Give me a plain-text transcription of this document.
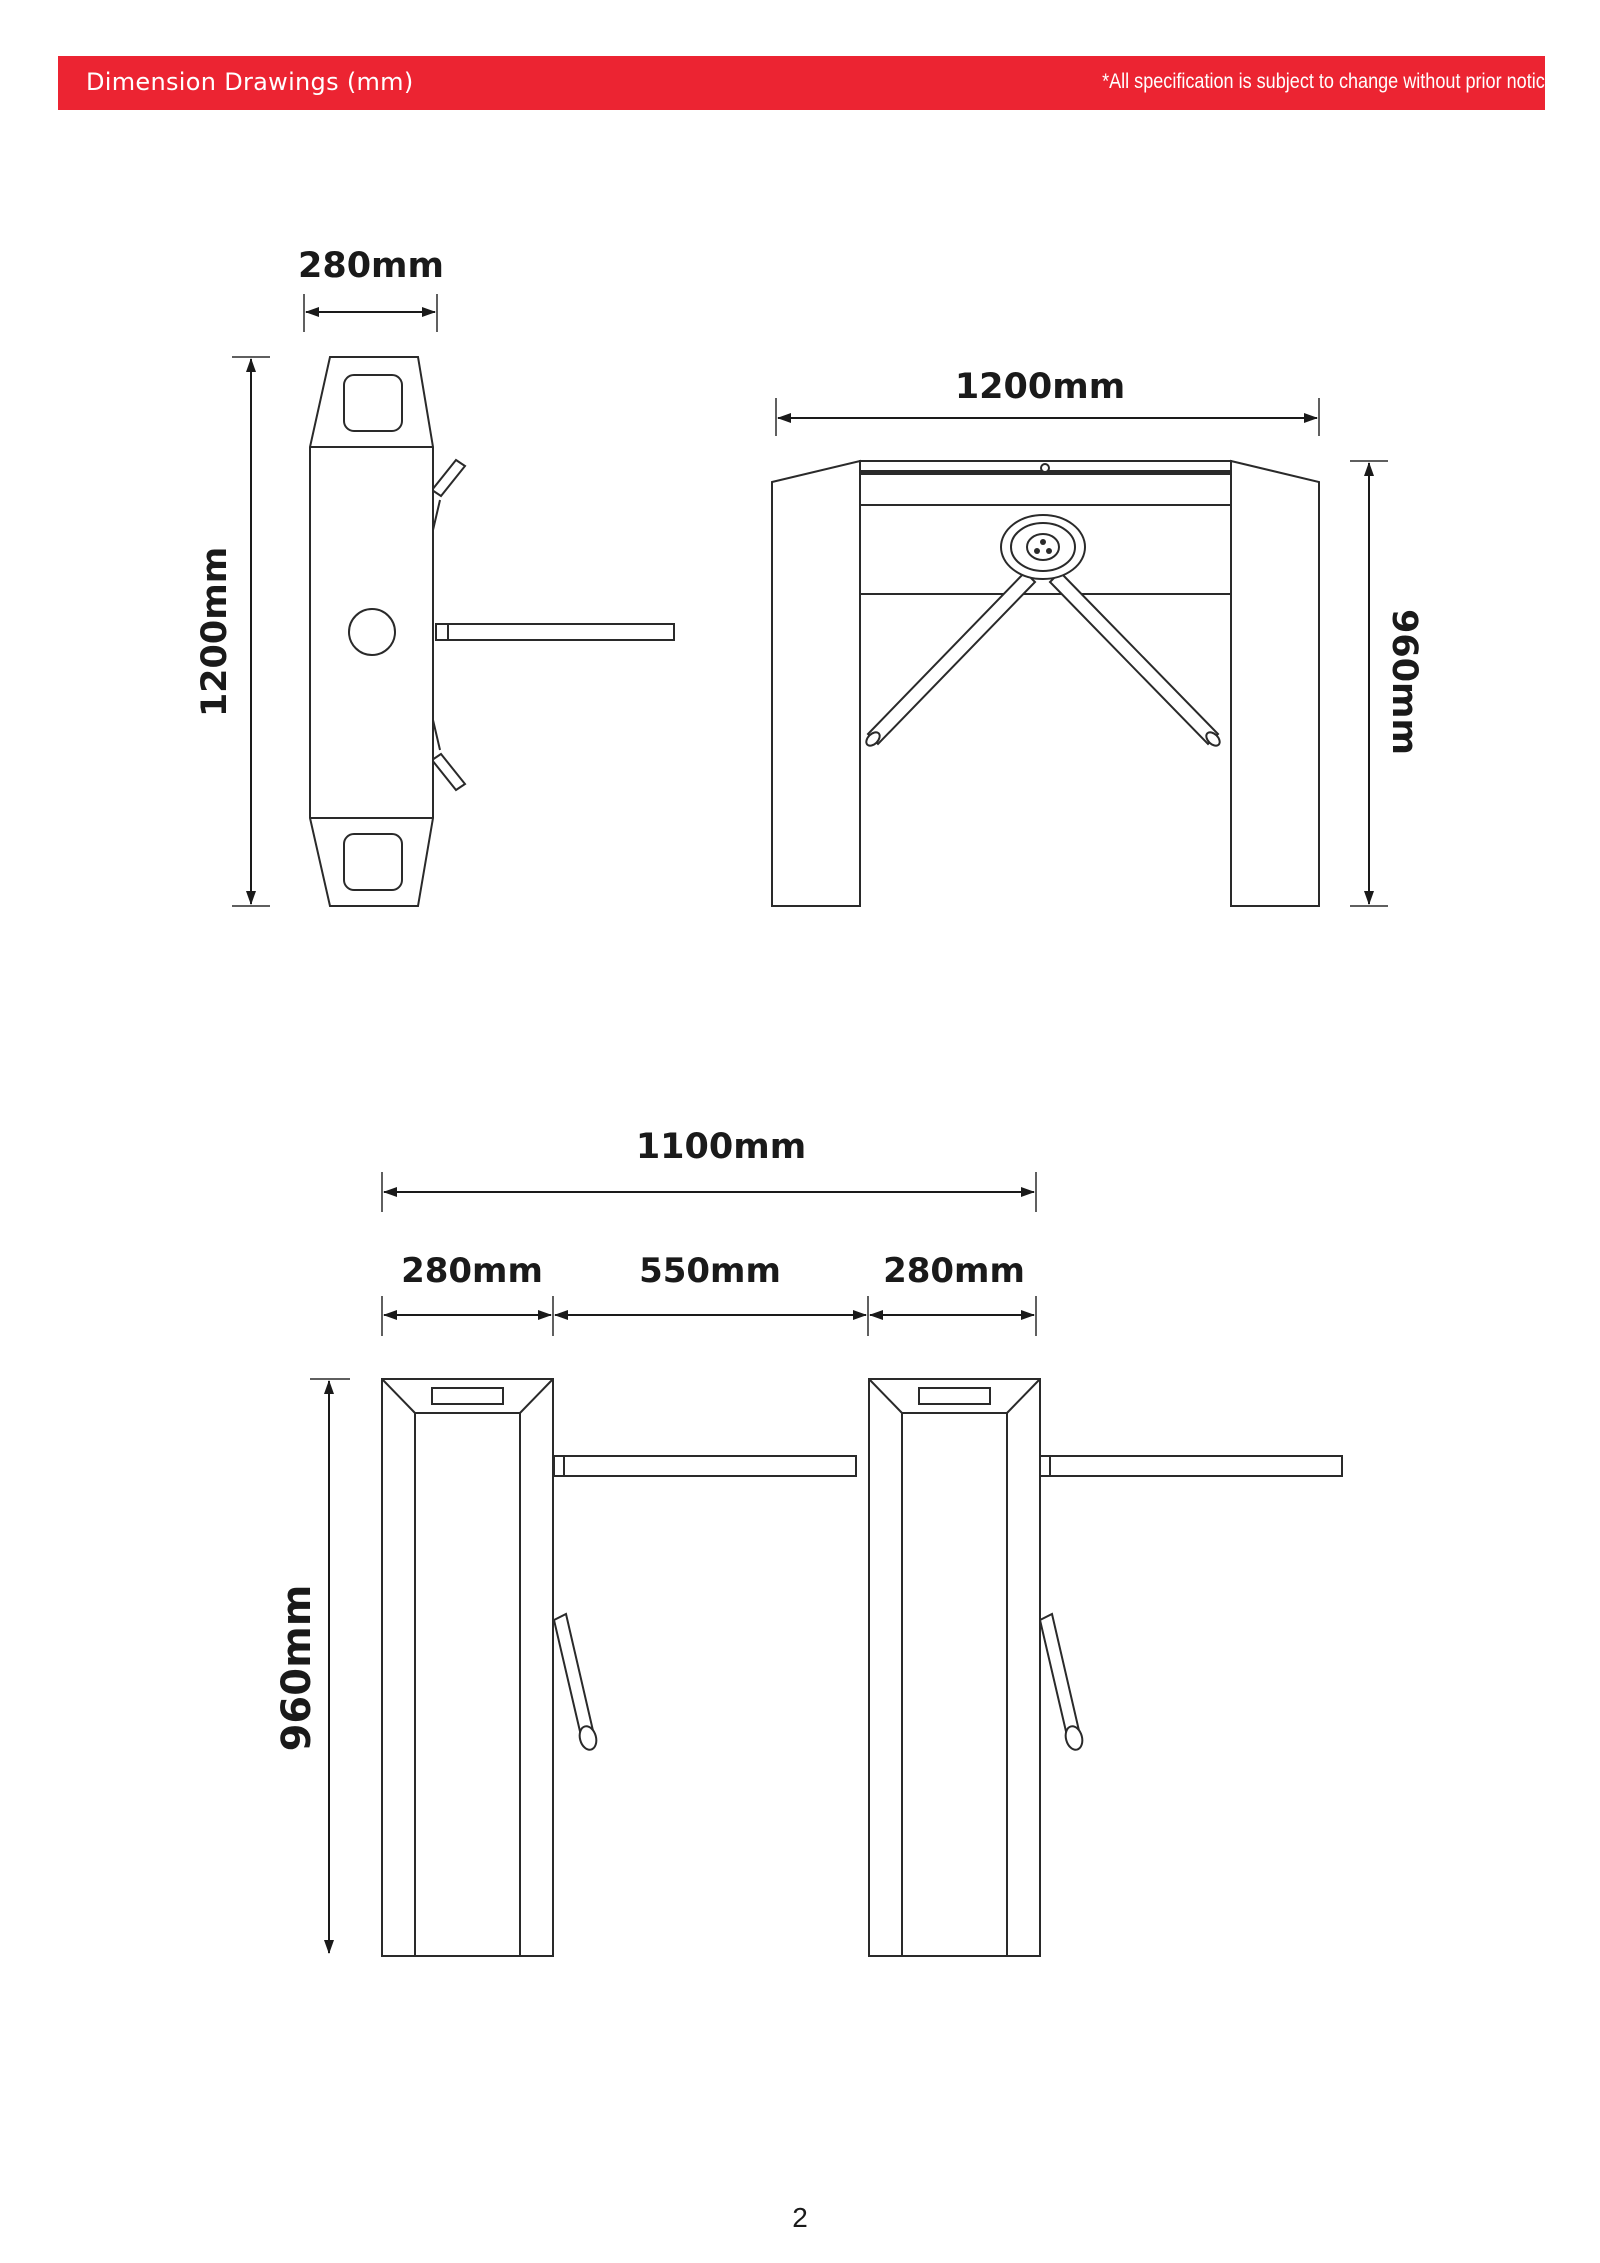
Dimension Drawings (mm)	*All specification is subject to change without prior notic
280mm
1200mm
1200mm
960mm
1100mm
280mm	550mm	280mm
960mm
2
